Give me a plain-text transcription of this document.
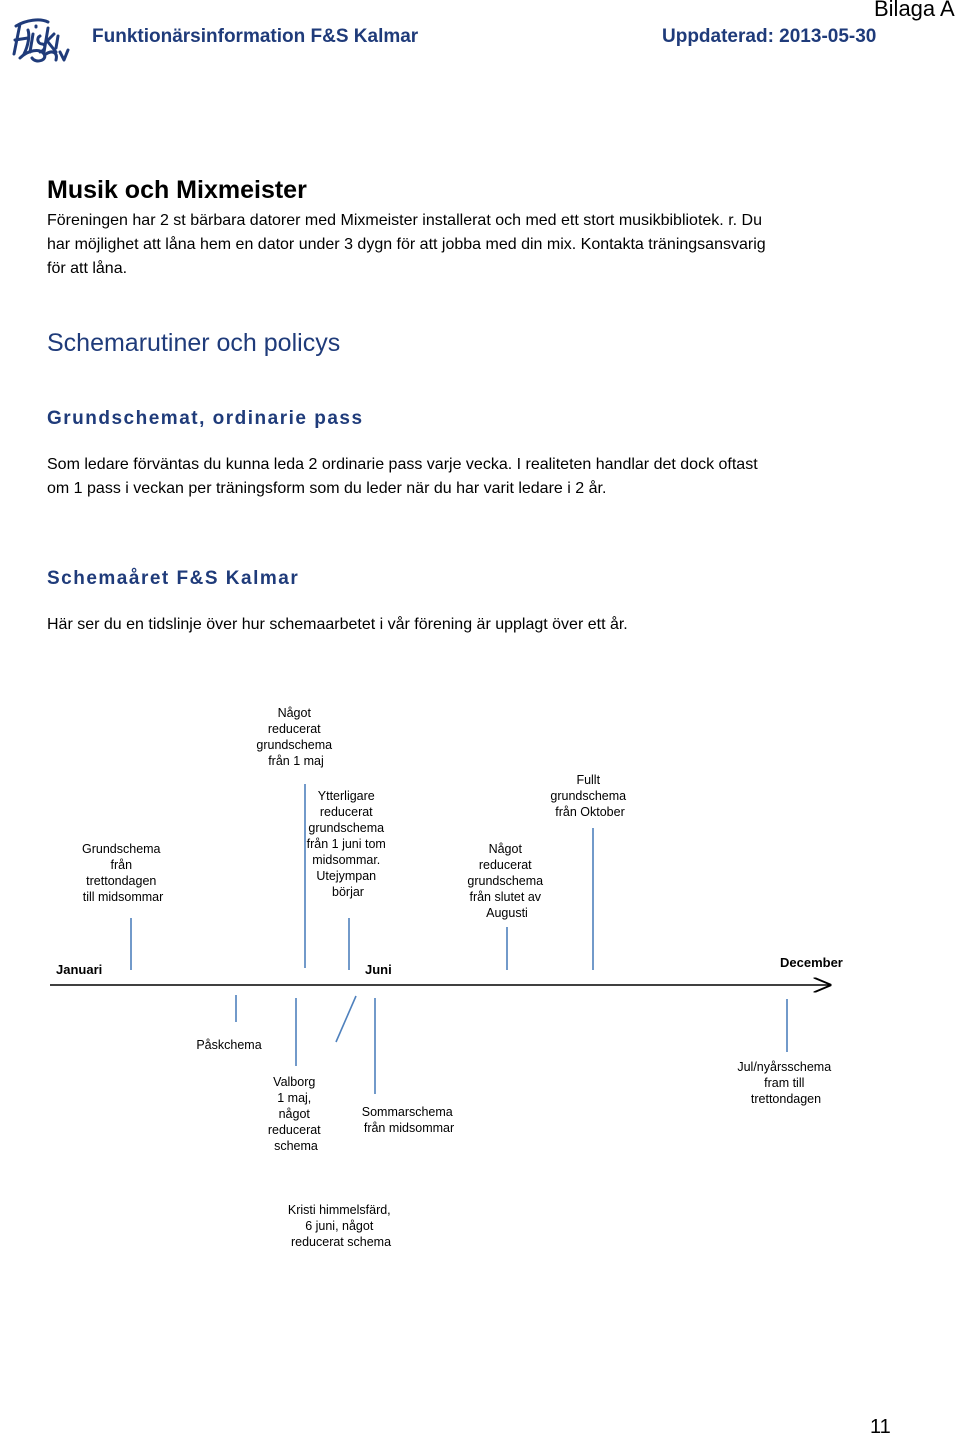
Funktionärsinformation F&S Kalmar	Uppdaterad: 2013-05-30
Bilaga A
Musik och Mixmeister
Föreningen har 2 st bärbara datorer med Mixmeister installerat och med ett stort musikbibliotek. r. Du
har möjlighet att låna hem en dator under 3 dygn för att jobba med din mix. Kontakta träningsansvarig
för att låna.
Schemarutiner och policys
Grundschemat, ordinarie pass
Som ledare förväntas du kunna leda 2 ordinarie pass varje vecka. I realiteten handlar det dock oftast
om 1 pass i veckan per träningsform som du leder när du har varit ledare i 2 år.
Schemaåret F&S Kalmar
Här ser du en tidslinje över hur schemaarbetet i vår förening är upplagt över ett år.
Januari	Juni	December
Grundschema från trettondagen till midsommar
Något reducerat grundschema från 1 maj
Ytterligare reducerat grundschema från 1 juni tom midsommar. Utejympan börjar
Något reducerat grundschema från slutet av Augusti
Fullt grundschema från Oktober
Påskchema
Valborg 1 maj, något reducerat schema
Sommarschema från midsommar
Kristi himmelsfärd, 6 juni, något reducerat schema
Jul/nyårsschema fram till trettondagen
11
